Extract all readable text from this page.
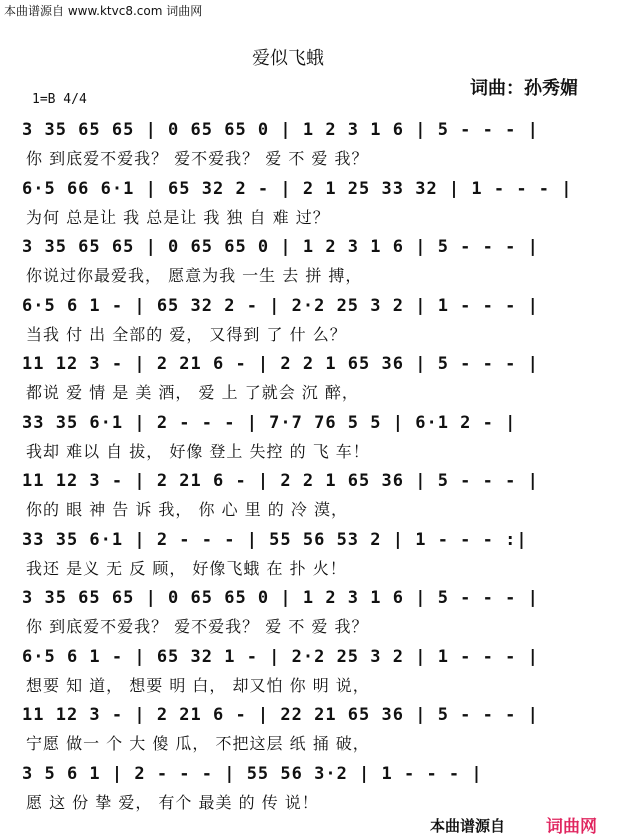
本曲谱源自 www.ktvc8.com 词曲网
爱似飞蛾
词曲：孙秀媚
1=B 4/4
3 35 65 65 | 0 65 65 0 | 1 2 3 1 6 | 5 - - - |
你 到底爱不爱我？ 爱不爱我？ 爱 不 爱 我？
6·5 66 6·1 | 65 32 2 - | 2 1 25 33 32 | 1 - - - |
为何 总是让 我 总是让 我 独 自 难 过？
3 35 65 65 | 0 65 65 0 | 1 2 3 1 6 | 5 - - - |
你说过你最爱我， 愿意为我 一生 去 拼 搏，
6·5 6 1 - | 65 32 2 - | 2·2 25 3 2 | 1 - - - |
当我 付 出 全部的 爱， 又得到 了 什 么？
11 12 3 - | 2 21 6 - | 2 2 1 65 36 | 5 - - - |
都说 爱 情 是 美 酒， 爱 上 了就会 沉 醉，
33 35 6·1 | 2 - - - | 7·7 76 5 5 | 6·1 2 - |
我却 难以 自 拔， 好像 登上 失控 的 飞 车！
11 12 3 - | 2 21 6 - | 2 2 1 65 36 | 5 - - - |
你的 眼 神 告 诉 我， 你 心 里 的 冷 漠，
33 35 6·1 | 2 - - - | 55 56 53 2 | 1 - - - :|
我还 是义 无 反 顾， 好像飞蛾 在 扑 火！
3 35 65 65 | 0 65 65 0 | 1 2 3 1 6 | 5 - - - |
你 到底爱不爱我？ 爱不爱我？ 爱 不 爱 我？
6·5 6 1 - | 65 32 1 - | 2·2 25 3 2 | 1 - - - |
想要 知 道， 想要 明 白， 却又怕 你 明 说，
11 12 3 - | 2 21 6 - | 22 21 65 36 | 5 - - - |
宁愿 做一 个 大 傻 瓜， 不把这层 纸 捅 破，
3 5 6 1 | 2 - - - | 55 56 3·2 | 1 - - - |
愿 这 份 挚 爱， 有个 最美 的 传 说！
本曲谱源自 词曲网
